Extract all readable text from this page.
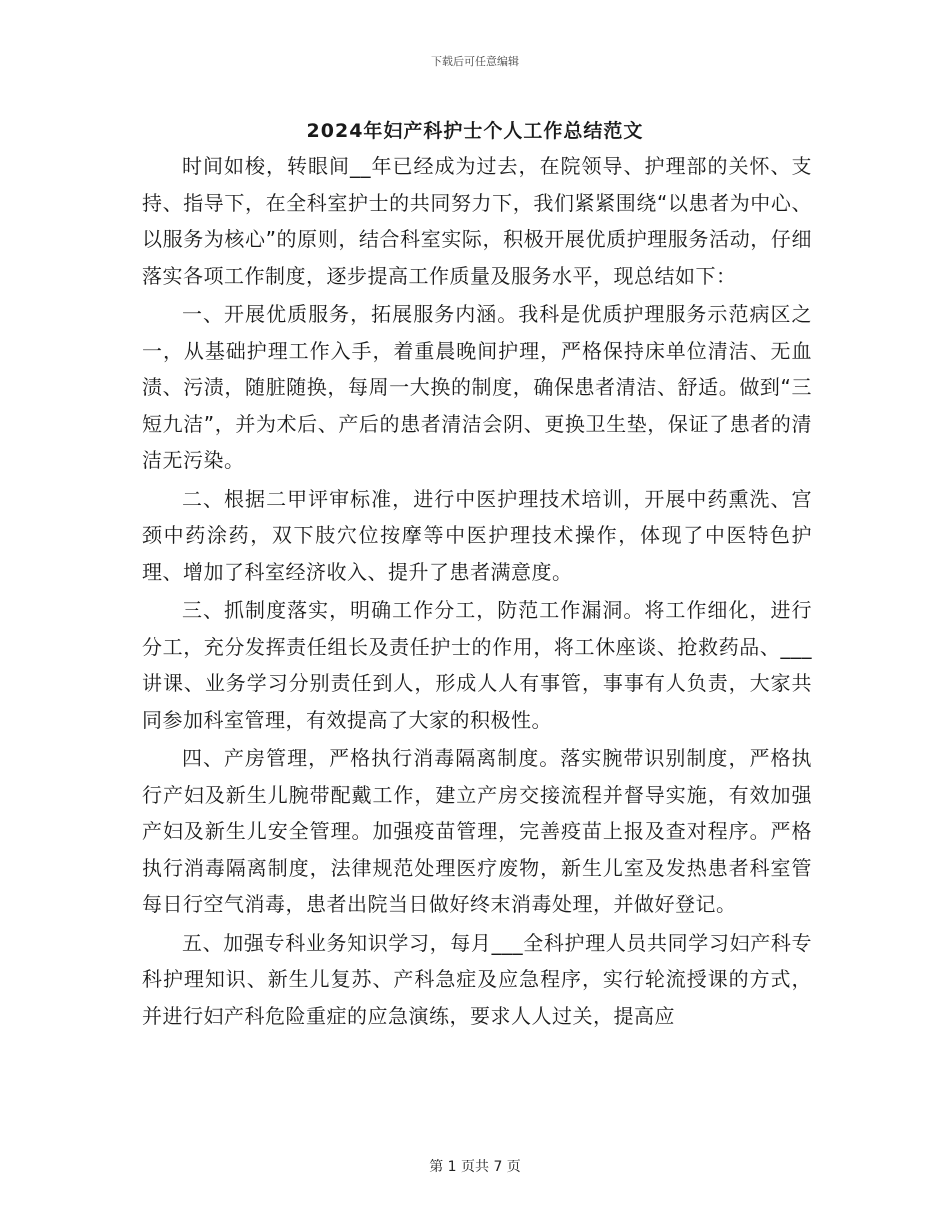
下载后可任意编辑
2024年妇产科护士个人工作总结范文

时间如梭，转眼间__年已经成为过去，在院领导、护理部的关怀、支持、指导下，在全科室护士的共同努力下，我们紧紧围绕“以患者为中心、以服务为核心”的原则，结合科室实际，积极开展优质护理服务活动，仔细落实各项工作制度，逐步提高工作质量及服务水平，现总结如下：

一、开展优质服务，拓展服务内涵。我科是优质护理服务示范病区之一，从基础护理工作入手，着重晨晚间护理，严格保持床单位清洁、无血渍、污渍，随脏随换，每周一大换的制度，确保患者清洁、舒适。做到“三短九洁”，并为术后、产后的患者清洁会阴、更换卫生垫，保证了患者的清洁无污染。

二、根据二甲评审标准，进行中医护理技术培训，开展中药熏洗、宫颈中药涂药，双下肢穴位按摩等中医护理技术操作，体现了中医特色护理、增加了科室经济收入、提升了患者满意度。

三、抓制度落实，明确工作分工，防范工作漏洞。将工作细化，进行分工，充分发挥责任组长及责任护士的作用，将工休座谈、抢救药品、___讲课、业务学习分别责任到人，形成人人有事管，事事有人负责，大家共同参加科室管理，有效提高了大家的积极性。

四、产房管理，严格执行消毒隔离制度。落实腕带识别制度，严格执行产妇及新生儿腕带配戴工作，建立产房交接流程并督导实施，有效加强产妇及新生儿安全管理。加强疫苗管理，完善疫苗上报及查对程序。严格执行消毒隔离制度，法律规范处理医疗废物，新生儿室及发热患者科室管每日行空气消毒，患者出院当日做好终末消毒处理，并做好登记。

五、加强专科业务知识学习，每月___全科护理人员共同学习妇产科专科护理知识、新生儿复苏、产科急症及应急程序，实行轮流授课的方式，并进行妇产科危险重症的应急演练，要求人人过关，提高应

第 1 页共 7 页
